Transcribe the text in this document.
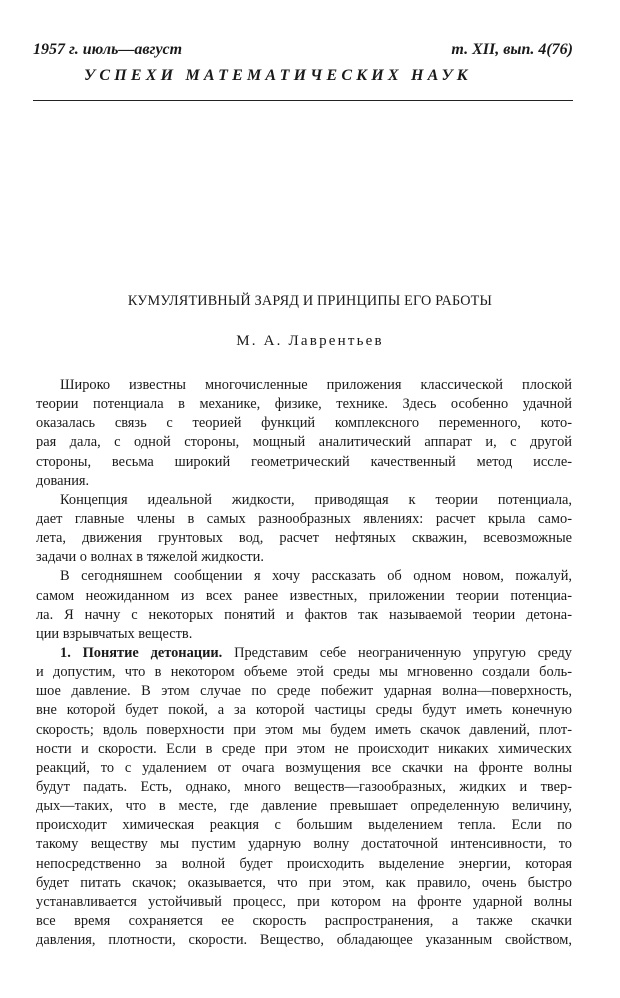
1957 г. июль—август	т. XII, вып. 4(76)
УСПЕХИ МАТЕМАТИЧЕСКИХ НАУК
КУМУЛЯТИВНЫЙ ЗАРЯД И ПРИНЦИПЫ ЕГО РАБОТЫ
М. А. Лаврентьев
Широко известны многочисленные приложения классической плоской
теории потенциала в механике, физике, технике. Здесь особенно удачной
оказалась связь с теорией функций комплексного переменного, кото-
рая дала, с одной стороны, мощный аналитический аппарат и, с другой
стороны, весьма широкий геометрический качественный метод иссле-
дования.
Концепция идеальной жидкости, приводящая к теории потенциала,
дает главные члены в самых разнообразных явлениях: расчет крыла само-
лета, движения грунтовых вод, расчет нефтяных скважин, всевозможные
задачи о волнах в тяжелой жидкости.
В сегодняшнем сообщении я хочу рассказать об одном новом, пожалуй,
самом неожиданном из всех ранее известных, приложении теории потенциа-
ла. Я начну с некоторых понятий и фактов так называемой теории детона-
ции взрывчатых веществ.
1. Понятие детонации. Представим себе неограниченную упругую среду
и допустим, что в некотором объеме этой среды мы мгновенно создали боль-
шое давление. В этом случае по среде побежит ударная волна—поверхность,
вне которой будет покой, а за которой частицы среды будут иметь конечную
скорость; вдоль поверхности при этом мы будем иметь скачок давлений, плот-
ности и скорости. Если в среде при этом не происходит никаких химических
реакций, то с удалением от очага возмущения все скачки на фронте волны
будут падать. Есть, однако, много веществ—газообразных, жидких и твер-
дых—таких, что в месте, где давление превышает определенную величину,
происходит химическая реакция с большим выделением тепла. Если по
такому веществу мы пустим ударную волну достаточной интенсивности, то
непосредственно за волной будет происходить выделение энергии, которая
будет питать скачок; оказывается, что при этом, как правило, очень быстро
устанавливается устойчивый процесс, при котором на фронте ударной волны
все время сохраняется ее скорость распространения, а также скачки
давления, плотности, скорости. Вещество, обладающее указанным свойством,
